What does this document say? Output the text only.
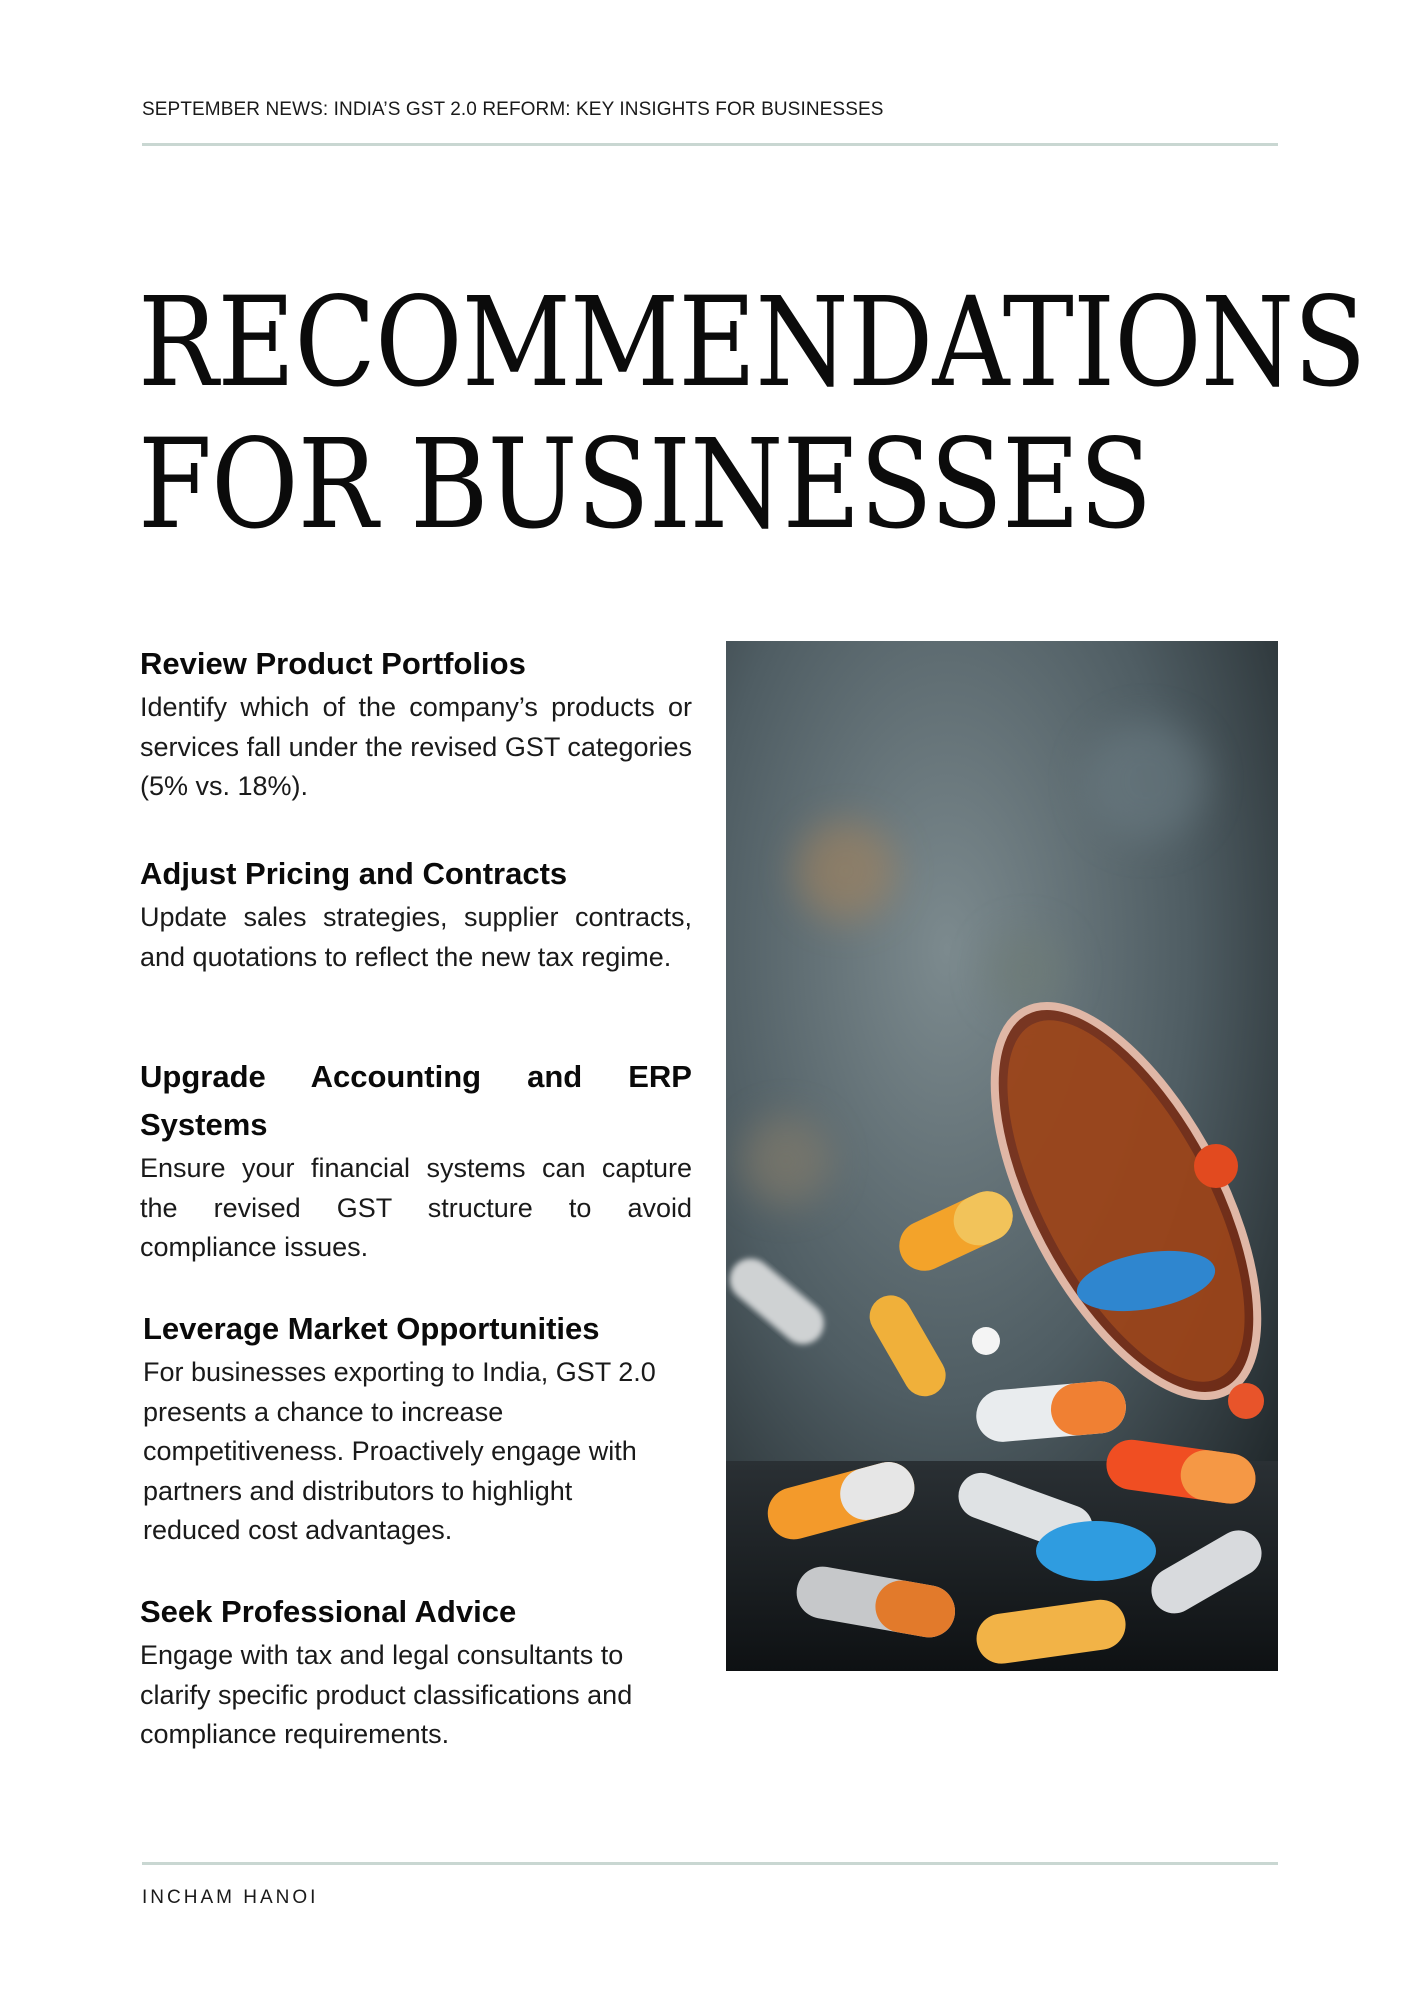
SEPTEMBER NEWS: INDIA’S GST 2.0 REFORM: KEY INSIGHTS FOR BUSINESSES
RECOMMENDATIONS
FOR BUSINESSES
Review Product Portfolios

Identify which of the company’s products or services fall under the revised GST categories (5% vs. 18%).

Adjust Pricing and Contracts

Update sales strategies, supplier contracts, and quotations to reflect the new tax regime.

Upgrade Accounting and ERP Systems

Ensure your financial systems can capture the revised GST structure to avoid compliance issues.

Leverage Market Opportunities

For businesses exporting to India, GST 2.0 presents a chance to increase competitiveness. Proactively engage with partners and distributors to highlight reduced cost advantages.

Seek Professional Advice

Engage with tax and legal consultants to clarify specific product classifications and compliance requirements.

INCHAM HANOI
